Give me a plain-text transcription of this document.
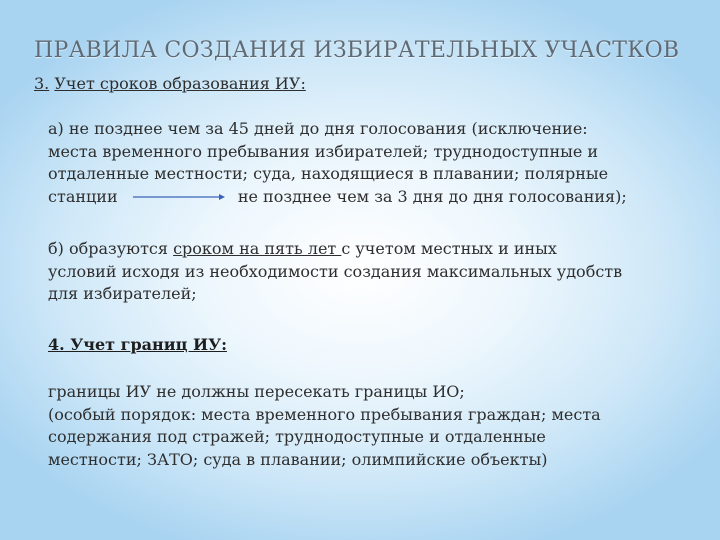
ПРАВИЛА СОЗДАНИЯ ИЗБИРАТЕЛЬНЫХ УЧАСТКОВ
3. Учет сроков образования ИУ:
а) не позднее чем за 45 дней до дня голосования (исключение:
места временного пребывания избирателей; труднодоступные и
отдаленные местности; суда, находящиеся в плавании; полярные
станции	не позднее чем за 3 дня до дня голосования);
б) образуются сроком на пять лет с учетом местных и иных
условий исходя из необходимости создания максимальных удобств
для избирателей;
4. Учет границ ИУ:
границы ИУ не должны пересекать границы ИО;
(особый порядок: места временного пребывания граждан; места
содержания под стражей; труднодоступные и отдаленные
местности; ЗАТО; суда в плавании; олимпийские объекты)
